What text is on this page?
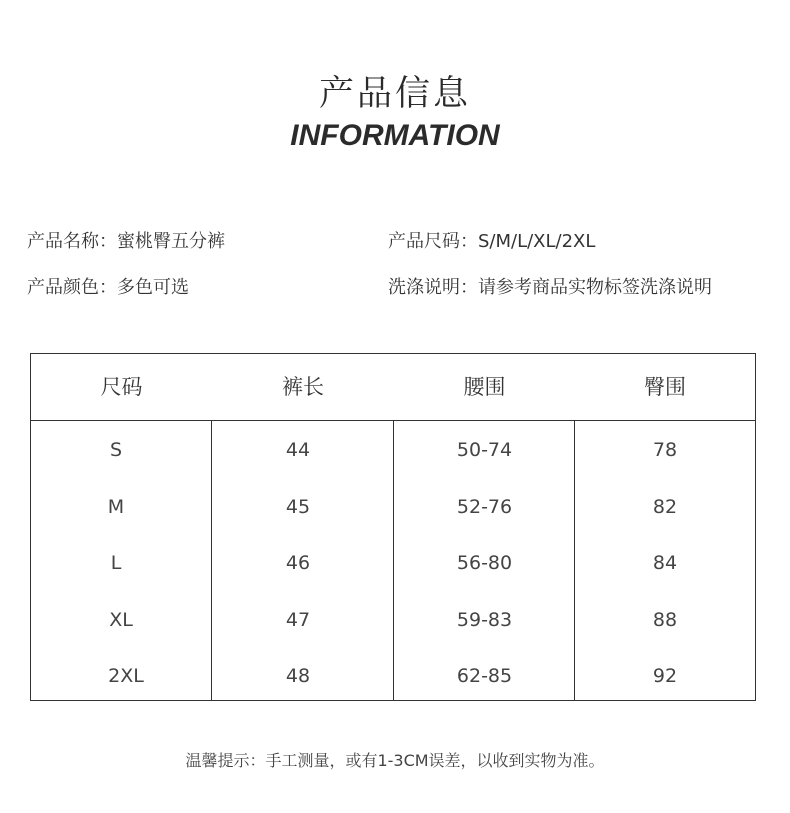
产品信息
INFORMATION
产品名称：蜜桃臀五分裤	产品尺码：S/M/L/XL/2XL
产品颜色：多色可选	洗涤说明：请参考商品实物标签洗涤说明
尺码	裤长	腰围	臀围
S	44	50-74	78
M	45	52-76	82
L	46	56-80	84
XL	47	59-83	88
2XL	48	62-85	92
温馨提示：手工测量，或有1-3CM误差，以收到实物为准。
